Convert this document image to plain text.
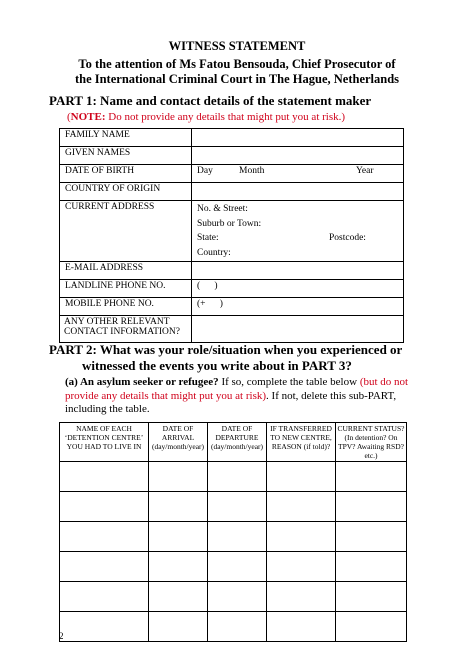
WITNESS STATEMENT
To the attention of Ms Fatou Bensouda, Chief Prosecutor of
the International Criminal Court in The Hague, Netherlands
PART 1: Name and contact details of the statement maker
(NOTE: Do not provide any details that might put you at risk.)
FAMILY NAME	
GIVEN NAMES	
DATE OF BIRTH	Day Month Year
COUNTRY OF ORIGIN	
CURRENT ADDRESS	No. & Street:
Suburb or Town:
State: Postcode:
Country:

E-MAIL ADDRESS	
LANDLINE PHONE NO.	(      )
MOBILE PHONE NO.	(+      )
ANY OTHER RELEVANT CONTACT INFORMATION?	
PART 2: What was your role/situation when you experienced or
witnessed the events you write about in PART 3?
(a) An asylum seeker or refugee? If so, complete the table below (but do not provide any details that might put you at risk). If not, delete this sub-PART, including the table.
NAME OF EACH ‘DETENTION CENTRE’ YOU HAD TO LIVE IN	DATE OF ARRIVAL (day/month/year)	DATE OF DEPARTURE (day/month/year)	IF TRANSFERRED TO NEW CENTRE, REASON (if told)?	CURRENT STATUS? (In detention? On TPV? Awaiting RSD? etc.)

2
